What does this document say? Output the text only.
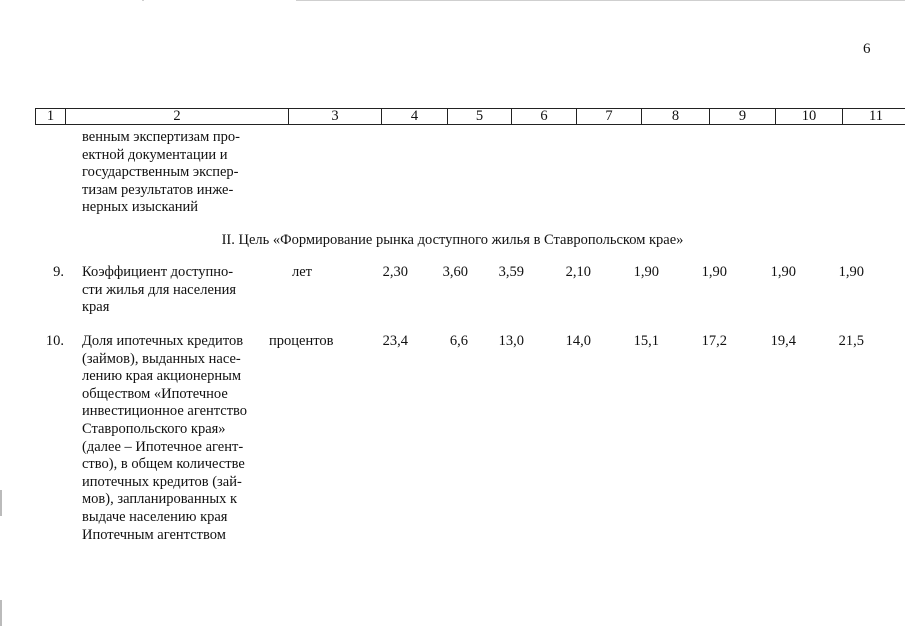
6
1	2	3	4	5	6	7	8	9	10	11
венным экспертизам про-
ектной документации и
государственным экспер-
тизам результатов инже-
нерных изысканий
II. Цель «Формирование рынка доступного жилья в Ставропольском крае»
9. Коэффициент доступно-
сти жилья для населения
края
лет	2,30	3,60	3,59	2,10	1,90	1,90	1,90	1,90
10. Доля ипотечных кредитов
(займов), выданных насе-
лению края акционерным
обществом «Ипотечное
инвестиционное агентство
Ставропольского края»
(далее – Ипотечное агент-
ство), в общем количестве
ипотечных кредитов (зай-
мов), запланированных к
выдаче населению края
Ипотечным агентством
процентов	23,4	6,6	13,0	14,0	15,1	17,2	19,4	21,5
